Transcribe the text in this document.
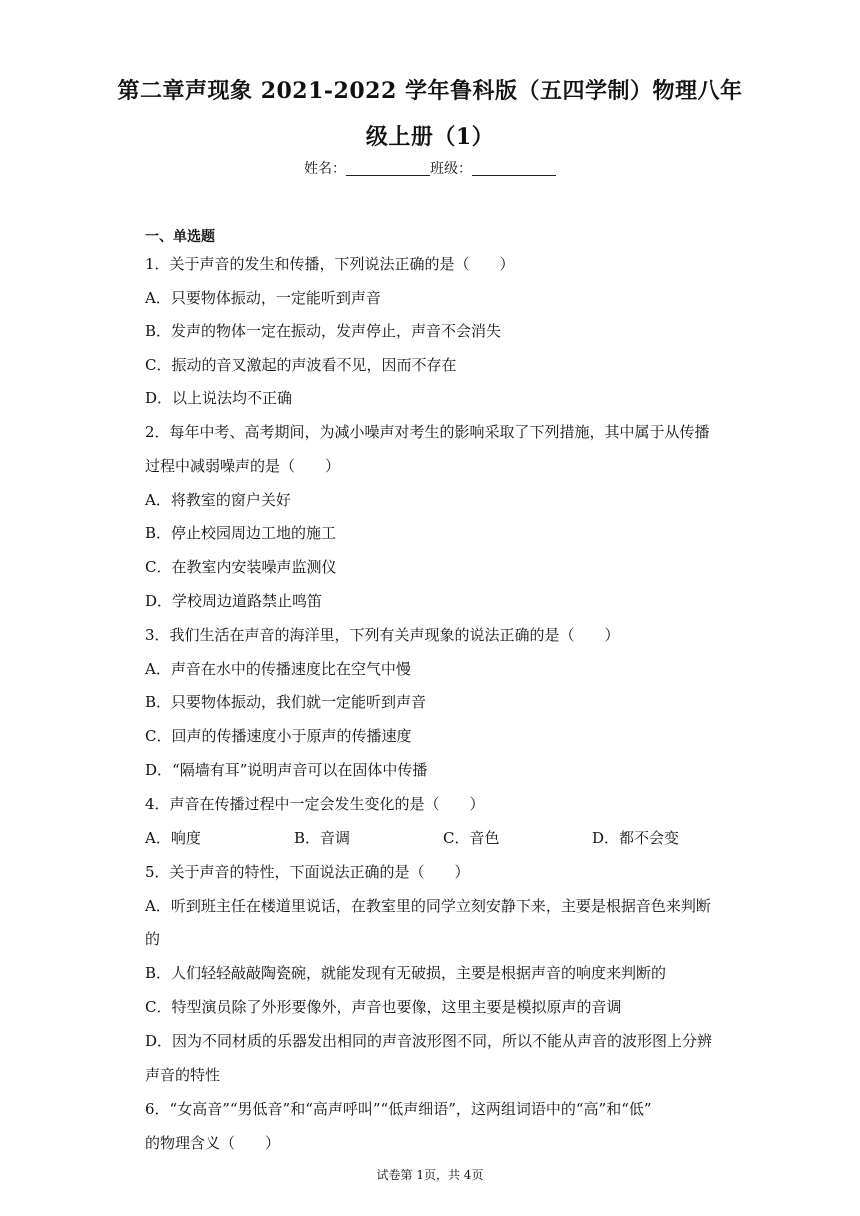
第二章声现象 2021-2022 学年鲁科版（五四学制）物理八年
级上册（1）
姓名：	班级：
一、单选题
1．关于声音的发生和传播，下列说法正确的是（　　）
A．只要物体振动，一定能听到声音
B．发声的物体一定在振动，发声停止，声音不会消失
C．振动的音叉激起的声波看不见，因而不存在
D．以上说法均不正确
2．每年中考、高考期间，为减小噪声对考生的影响采取了下列措施，其中属于从传播
过程中减弱噪声的是（　　）
A．将教室的窗户关好
B．停止校园周边工地的施工
C．在教室内安装噪声监测仪
D．学校周边道路禁止鸣笛
3．我们生活在声音的海洋里，下列有关声现象的说法正确的是（　　）
A．声音在水中的传播速度比在空气中慢
B．只要物体振动，我们就一定能听到声音
C．回声的传播速度小于原声的传播速度
D．“隔墙有耳”说明声音可以在固体中传播
4．声音在传播过程中一定会发生变化的是（　　）
A．响度	B．音调	C．音色	D．都不会变
5．关于声音的特性，下面说法正确的是（　　）
A．听到班主任在楼道里说话，在教室里的同学立刻安静下来，主要是根据音色来判断
的
B．人们轻轻敲敲陶瓷碗，就能发现有无破损，主要是根据声音的响度来判断的
C．特型演员除了外形要像外，声音也要像，这里主要是模拟原声的音调
D．因为不同材质的乐器发出相同的声音波形图不同，所以不能从声音的波形图上分辨
声音的特性
6．“女高音”“男低音”和“高声呼叫”“低声细语”，这两组词语中的“高”和“低”
的物理含义（　　）
试卷第 1页，共 4页
